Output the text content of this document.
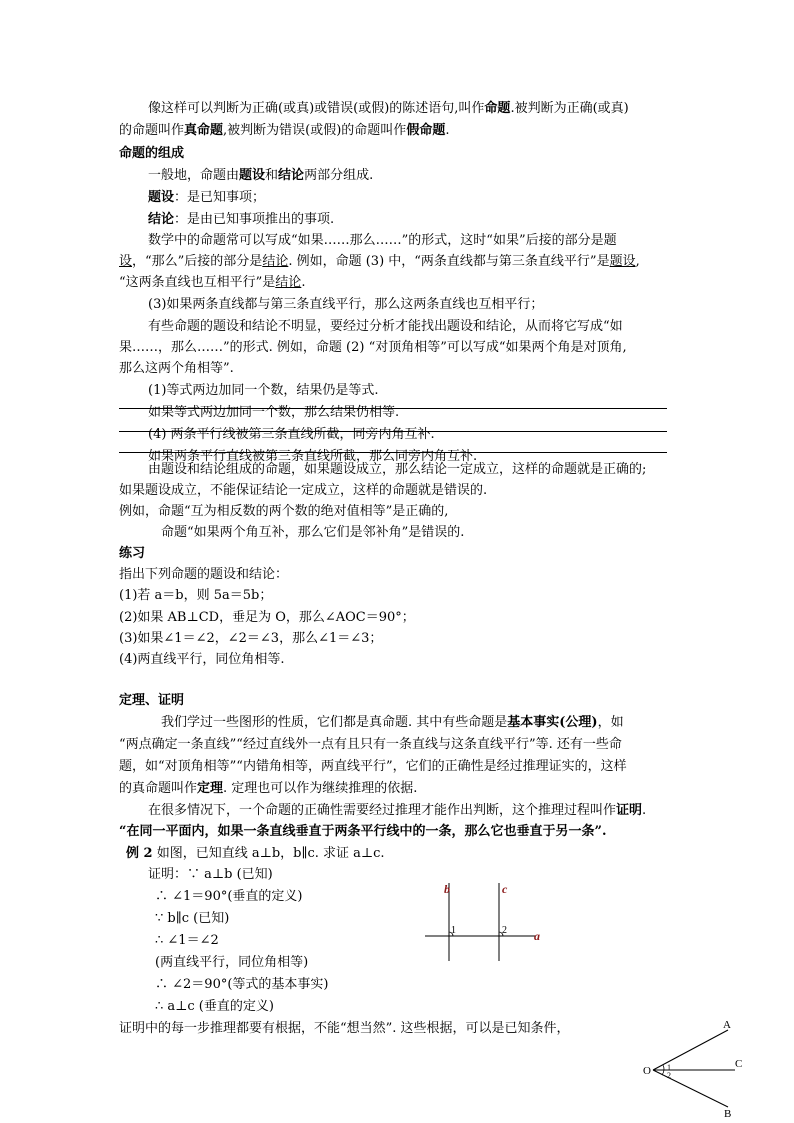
像这样可以判断为正确(或真)或错误(或假)的陈述语句,叫作命题.被判断为正确(或真)
的命题叫作真命题,被判断为错误(或假)的命题叫作假命题.
命题的组成
一般地，命题由题设和结论两部分组成.
题设：是已知事项；
结论：是由已知事项推出的事项.
数学中的命题常可以写成“如果……那么……”的形式，这时“如果”后接的部分是题
设，“那么”后接的部分是结论. 例如，命题 (3) 中，“两条直线都与第三条直线平行”是题设,
“这两条直线也互相平行”是结论.
(3)如果两条直线都与第三条直线平行，那么这两条直线也互相平行；
有些命题的题设和结论不明显，要经过分析才能找出题设和结论，从而将它写成“如
果……，那么……”的形式. 例如，命题 (2) “对顶角相等”可以写成“如果两个角是对顶角,
那么这两个角相等”.
(1)等式两边加同一个数，结果仍是等式.
如果等式两边加同一个数，那么结果仍相等.
(4) 两条平行线被第三条直线所截，同旁内角互补.
如果两条平行直线被第三条直线所截，那么同旁内角互补.
由题设和结论组成的命题，如果题设成立，那么结论一定成立，这样的命题就是正确的;
如果题设成立，不能保证结论一定成立，这样的命题就是错误的.
例如，命题“互为相反数的两个数的绝对值相等”是正确的,
命题“如果两个角互补，那么它们是邻补角”是错误的.
练习
指出下列命题的题设和结论：
(1)若 a＝b，则 5a＝5b；
(2)如果 AB⊥CD，垂足为 O，那么∠AOC＝90°；
(3)如果∠1＝∠2，∠2＝∠3，那么∠1＝∠3；
(4)两直线平行，同位角相等.
定理、证明
我们学过一些图形的性质，它们都是真命题. 其中有些命题是基本事实(公理)，如
“两点确定一条直线”“经过直线外一点有且只有一条直线与这条直线平行”等. 还有一些命
题，如“对顶角相等”“内错角相等，两直线平行”，它们的正确性是经过推理证实的，这样
的真命题叫作定理. 定理也可以作为继续推理的依据.
在很多情况下，一个命题的正确性需要经过推理才能作出判断，这个推理过程叫作证明.
“在同一平面内，如果一条直线垂直于两条平行线中的一条，那么它也垂直于另一条”.
例 2 如图，已知直线 a⊥b，b∥c. 求证 a⊥c.
证明：∵ a⊥b (已知)
∴ ∠1＝90°(垂直的定义)
∵ b∥c (已知)
∴ ∠1＝∠2
(两直线平行，同位角相等)
∴ ∠2＝90°(等式的基本事实)
∴ a⊥c (垂直的定义)
证明中的每一步推理都要有根据，不能“想当然”. 这些根据，可以是已知条件，
b	c
a
1	2
A
C
B
O 1
2
